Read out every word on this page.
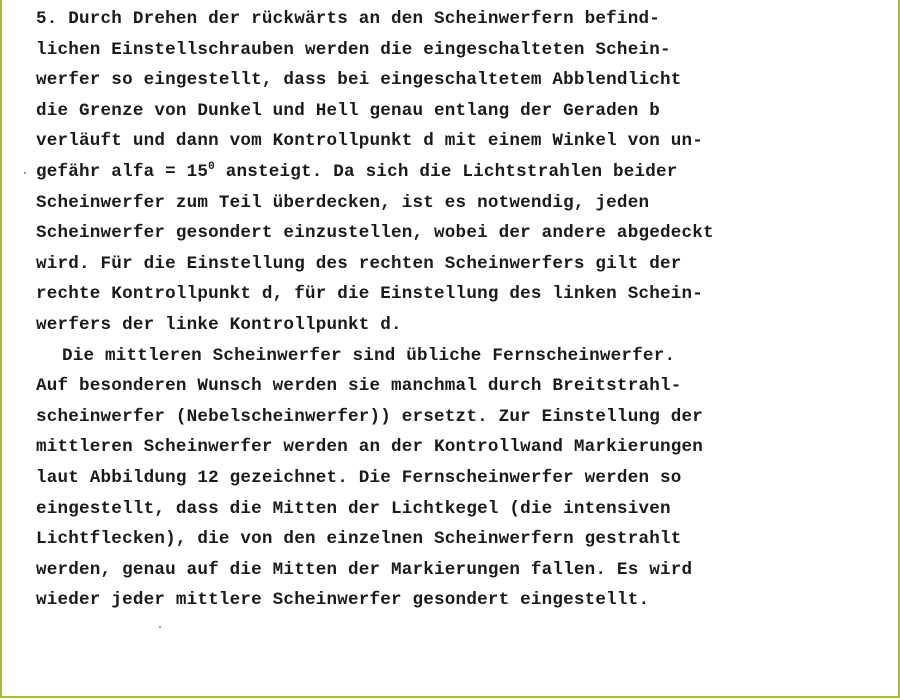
5. Durch Drehen der rückwärts an den Scheinwerfern befind-
lichen Einstellschrauben werden die eingeschalteten Schein-
werfer so eingestellt, dass bei eingeschaltetem Abblendlicht
die Grenze von Dunkel und Hell genau entlang der Geraden b
verläuft und dann vom Kontrollpunkt d mit einem Winkel von un-
gefähr alfa = $15^0$ ansteigt. Da sich die Lichtstrahlen beider
Scheinwerfer zum Teil überdecken, ist es notwendig, jeden
Scheinwerfer gesondert einzustellen, wobei der andere abgedeckt
wird. Für die Einstellung des rechten Scheinwerfers gilt der
rechte Kontrollpunkt d, für die Einstellung des linken Schein-
werfers der linke Kontrollpunkt d.
Die mittleren Scheinwerfer sind übliche Fernscheinwerfer.
Auf besonderen Wunsch werden sie manchmal durch Breitstrahl-
scheinwerfer (Nebelscheinwerfer)) ersetzt. Zur Einstellung der
mittleren Scheinwerfer werden an der Kontrollwand Markierungen
laut Abbildung 12 gezeichnet. Die Fernscheinwerfer werden so
eingestellt, dass die Mitten der Lichtkegel (die intensiven
Lichtflecken), die von den einzelnen Scheinwerfern gestrahlt
werden, genau auf die Mitten der Markierungen fallen. Es wird
wieder jeder mittlere Scheinwerfer gesondert eingestellt.
